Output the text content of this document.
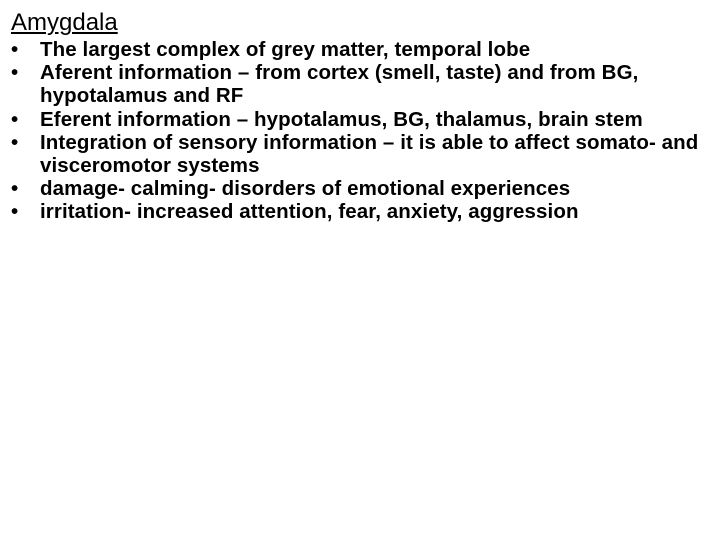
Amygdala
•	The largest complex of grey matter, temporal lobe
•	Aferent information – from cortex (smell, taste) and from BG, hypotalamus and RF
•	Eferent information – hypotalamus, BG, thalamus, brain stem
•	Integration of sensory information – it is able to affect somato- and visceromotor systems
•	damage- calming- disorders of emotional experiences
•	irritation- increased attention, fear, anxiety, aggression
